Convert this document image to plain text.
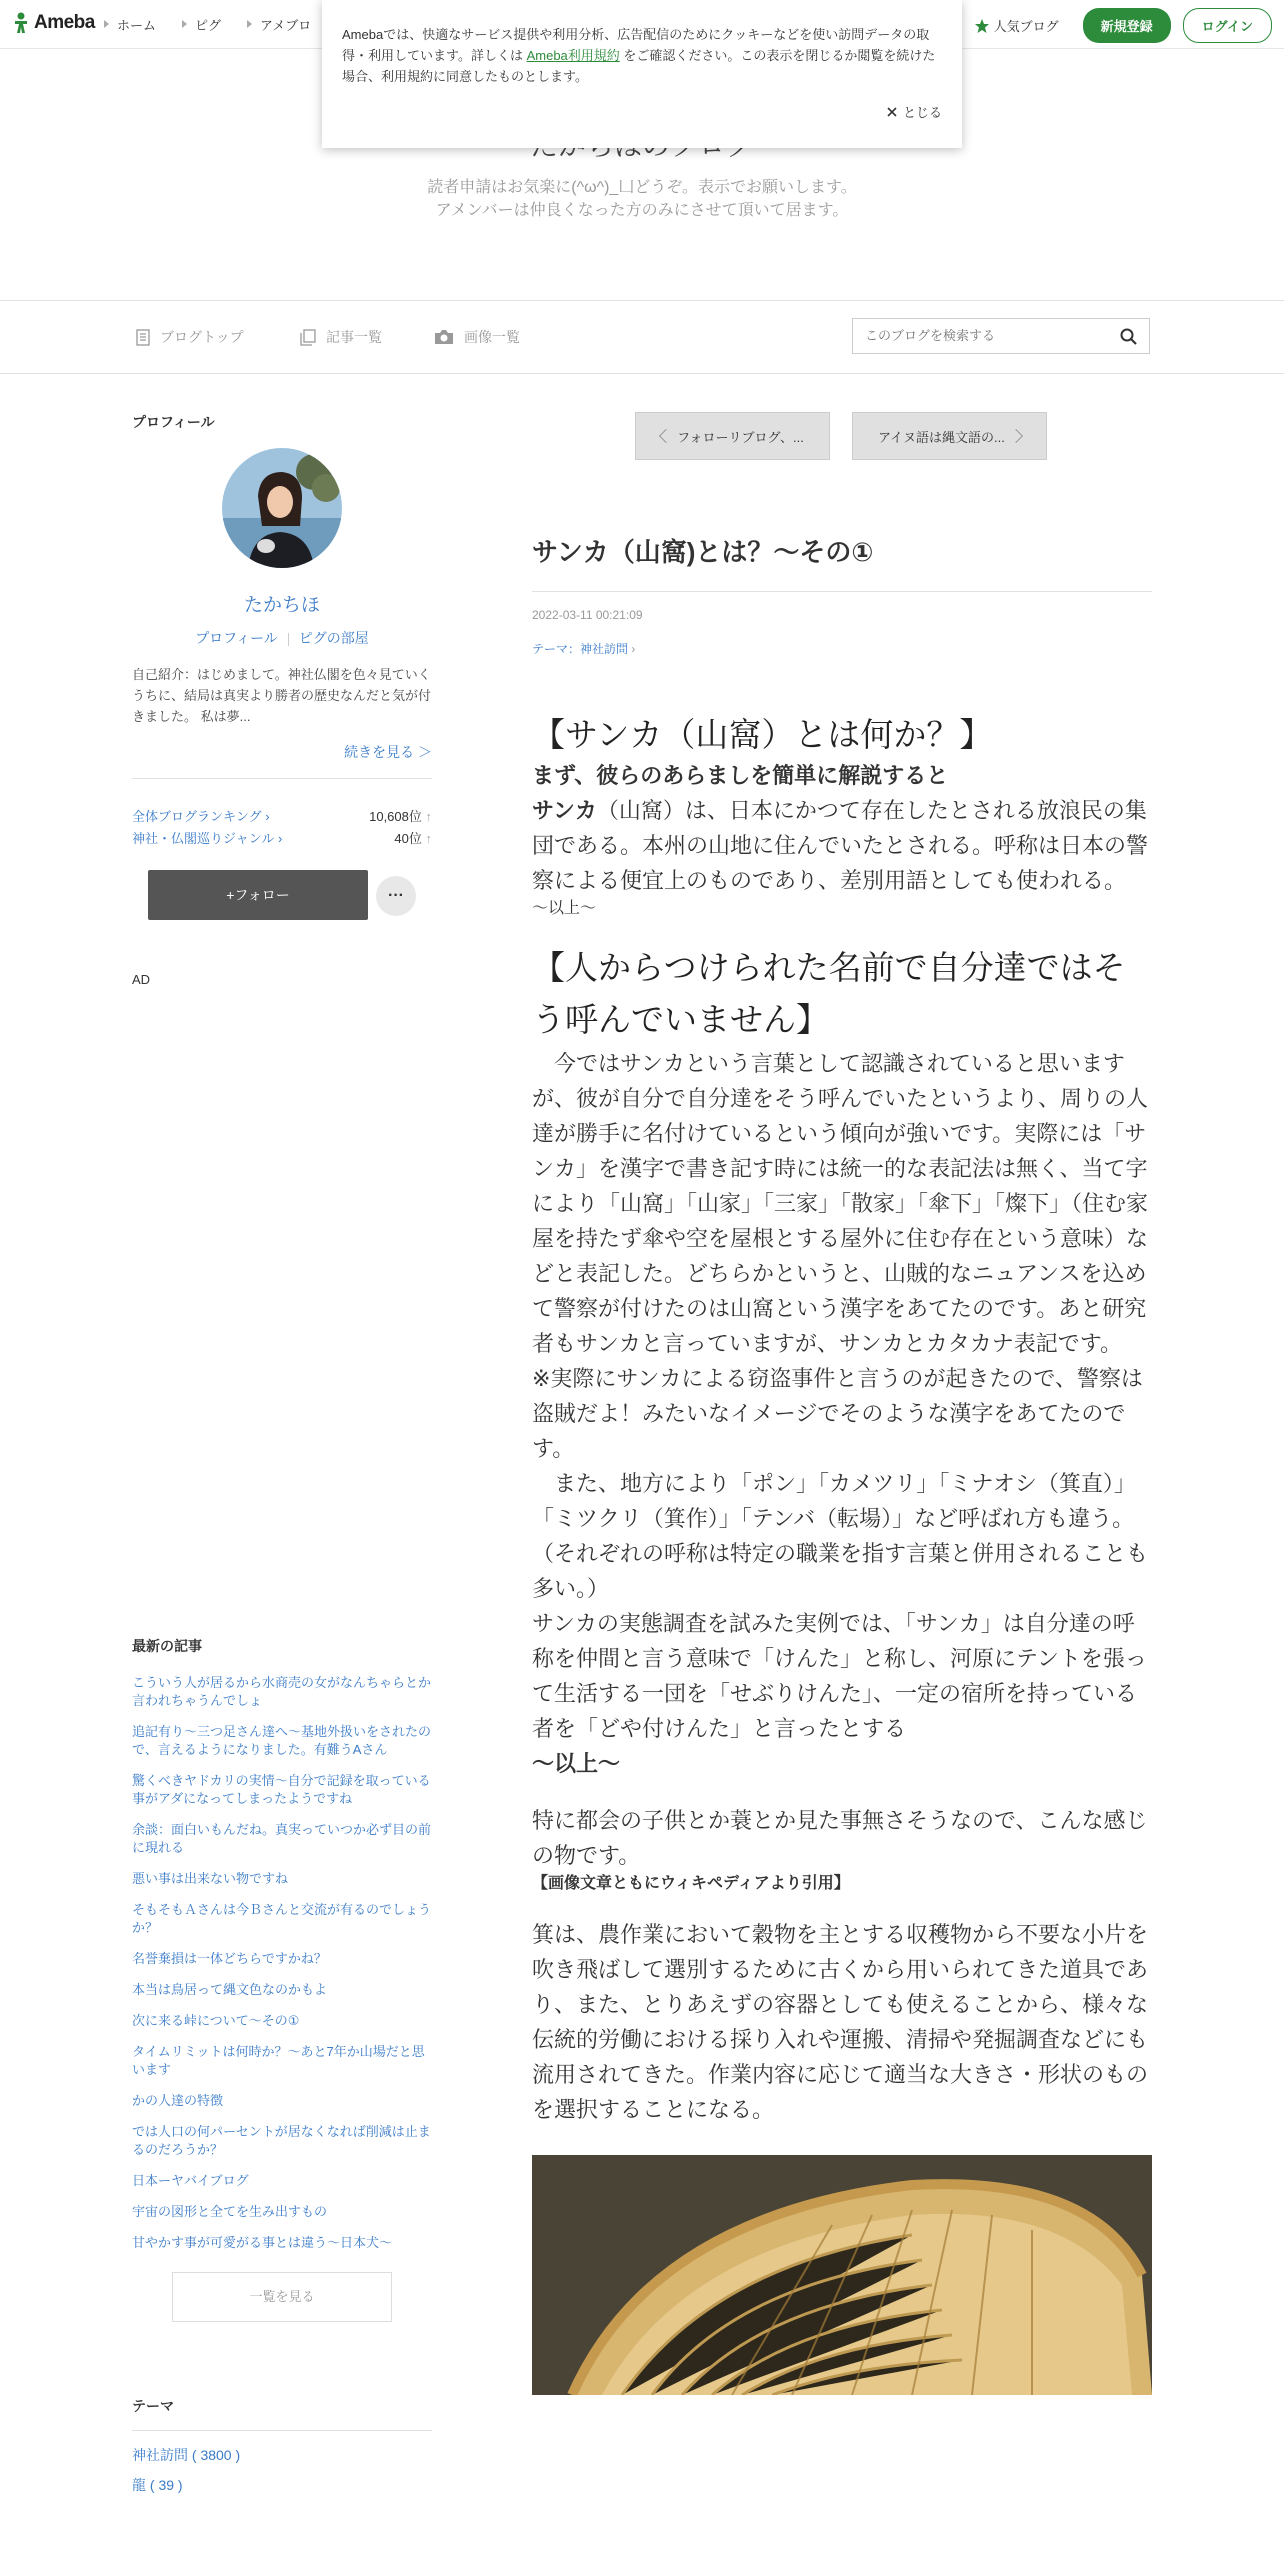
Ameba ホーム	ピグ	アメブロ	人気ブログ	新規登録	ログイン
Amebaでは、快適なサービス提供や利用分析、広告配信のためにクッキーなどを使い訪問データの取得・利用しています。詳しくは Ameba利用規約 をご確認ください。この表示を閉じるか閲覧を続けた場合、利用規約に同意したものとします。
とじる
読者申請はお気楽に(^ω^)_凵どうぞ。表示でお願いします。
アメンバーは仲良くなった方のみにさせて頂いて居ます。
ブログトップ	記事一覧	画像一覧
このブログを検索する
プロフィール
たかちほ
プロフィール ピグの部屋
自己紹介：はじめまして。神社仏閣を色々見ていくうちに、結局は真実より勝者の歴史なんだと気が付きました。 私は夢...
続きを見る ＞
全体ブログランキング ›	10,608位 ↑
神社・仏閣巡りジャンル ›	40位 ↑
+フォロー	···
AD
最新の記事
こういう人が居るから水商売の女がなんちゃらとか言われちゃうんでしょ
追記有り～三つ足さん達へ～基地外扱いをされたので、言えるようになりました。有難うAさん
驚くべきヤドカリの実情～自分で記録を取っている事がアダになってしまったようですね
余談：面白いもんだね。真実っていつか必ず目の前に現れる
悪い事は出来ない物ですね
そもそもＡさんは今Ｂさんと交流が有るのでしょうか？
名誉棄損は一体どちらですかね？
本当は鳥居って縄文色なのかもよ
次に来る峠について～その①
タイムリミットは何時か？～あと7年か山場だと思います
かの人達の特徴
では人口の何パーセントが居なくなれば削減は止まるのだろうか？
日本ーヤバイブログ
宇宙の図形と全てを生み出すもの
甘やかす事が可愛がる事とは違う～日本犬～
一覧を見る
テーマ
神社訪問 ( 3800 )
龍 ( 39 )
フォローリブログ、...	アイヌ語は縄文語の...
サンカ（山窩)とは？～その①
2022-03-11 00:21:09
テーマ：神社訪問 ›
【サンカ（山窩）とは何か？】
まず、彼らのあらましを簡単に解説すると
サンカ（山窩）は、日本にかつて存在したとされる放浪民の集団である。本州の山地に住んでいたとされる。呼称は日本の警察による便宜上のものであり、差別用語としても使われる。
～以上～
【人からつけられた名前で自分達ではそう呼んでいません】
　今ではサンカという言葉として認識されていると思いますが、彼が自分で自分達をそう呼んでいたというより、周りの人達が勝手に名付けているという傾向が強いです。実際には「サンカ」を漢字で書き記す時には統一的な表記法は無く、当て字により「山窩」「山家」「三家」「散家」「傘下」「燦下」（住む家屋を持たず傘や空を屋根とする屋外に住む存在という意味）などと表記した。どちらかというと、山賊的なニュアンスを込めて警察が付けたのは山窩という漢字をあてたのです。あと研究者もサンカと言っていますが、サンカとカタカナ表記です。
※実際にサンカによる窃盗事件と言うのが起きたので、警察は盗賊だよ！みたいなイメージでそのような漢字をあてたのです。
　また、地方により「ポン」「カメツリ」「ミナオシ（箕直）」「ミツクリ（箕作）」「テンバ（転場）」など呼ばれ方も違う。（それぞれの呼称は特定の職業を指す言葉と併用されることも多い。）
サンカの実態調査を試みた実例では、「サンカ」は自分達の呼称を仲間と言う意味で「けんた」と称し、河原にテントを張って生活する一団を「せぶりけんた」、一定の宿所を持っている者を「どや付けんた」と言ったとする
～以上～
特に都会の子供とか蓑とか見た事無さそうなので、こんな感じの物です。
【画像文章ともにウィキペディアより引用】
箕は、農作業において穀物を主とする収穫物から不要な小片を吹き飛ばして選別するために古くから用いられてきた道具であり、また、とりあえずの容器としても使えることから、様々な伝統的労働における採り入れや運搬、清掃や発掘調査などにも流用されてきた。作業内容に応じて適当な大きさ・形状のものを選択することになる。
